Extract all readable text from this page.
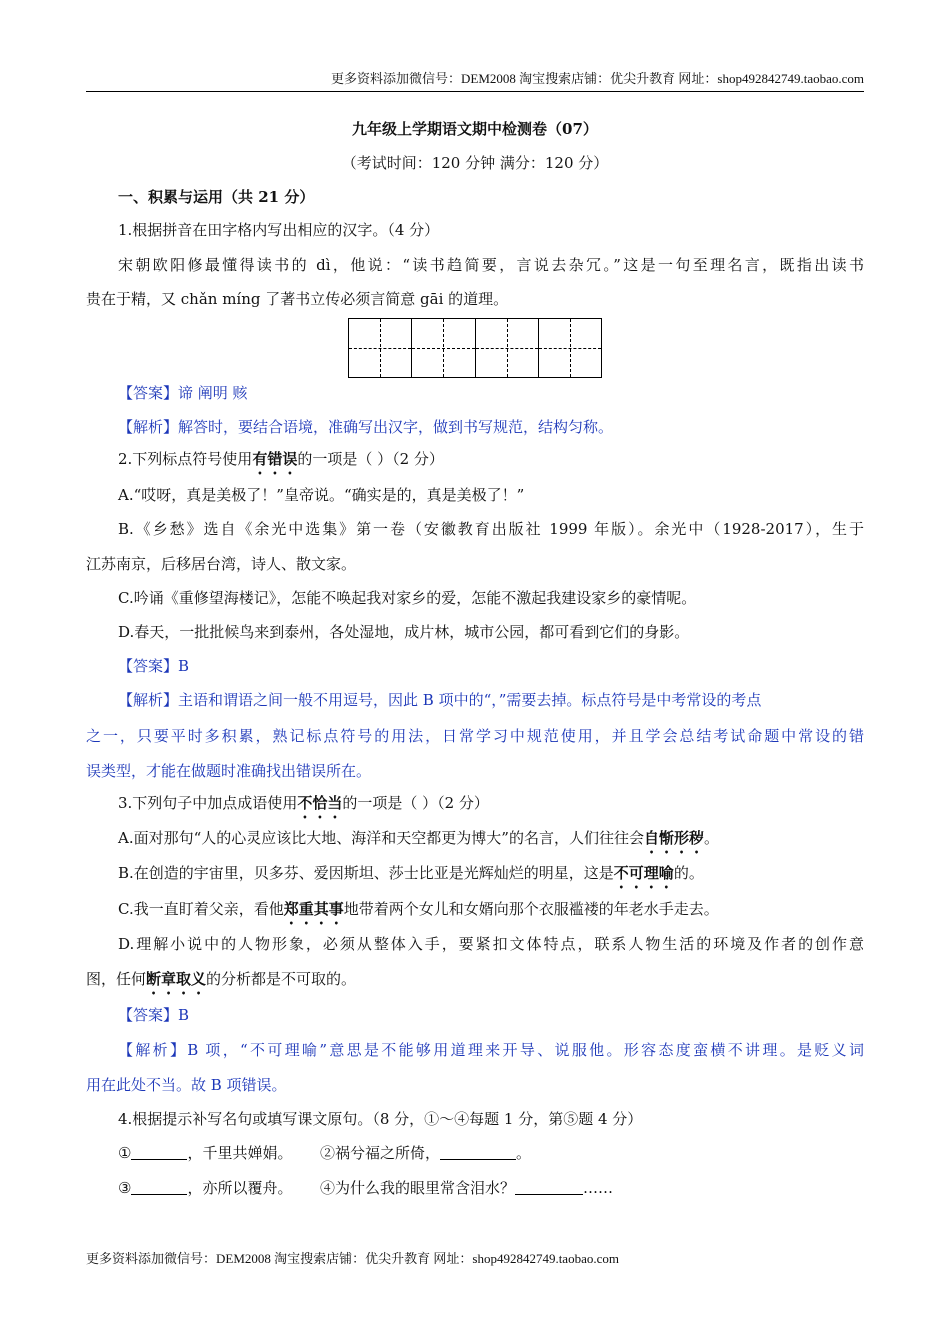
更多资料添加微信号：DEM2008 淘宝搜索店铺：优尖升教育 网址：shop492842749.taobao.com
九年级上学期语文期中检测卷（07）
（考试时间：120 分钟 满分：120 分）
一、积累与运用（共 21 分）
1.根据拼音在田字格内写出相应的汉字。（4 分）
宋朝欧阳修最懂得读书的 dì，他说：“读书趋简要，言说去杂冗。”这是一句至理名言，既指出读书
贵在于精，又 chǎn míng 了著书立传必须言简意 gāi 的道理。
【答案】谛 阐明 赅
【解析】解答时，要结合语境，准确写出汉字，做到书写规范，结构匀称。
2.下列标点符号使用有错误的一项是（ ）（2 分）
A.“哎呀，真是美极了！”皇帝说。“确实是的，真是美极了！”
B.《乡愁》选自《余光中选集》第一卷（安徽教育出版社 1999 年版）。余光中（1928-2017），生于
江苏南京，后移居台湾，诗人、散文家。
C.吟诵《重修望海楼记》，怎能不唤起我对家乡的爱，怎能不激起我建设家乡的豪情呢。
D.春天，一批批候鸟来到泰州，各处湿地，成片林，城市公园，都可看到它们的身影。
【答案】B
【解析】主语和谓语之间一般不用逗号，因此 B 项中的“，”需要去掉。标点符号是中考常设的考点
之一，只要平时多积累，熟记标点符号的用法，日常学习中规范使用，并且学会总结考试命题中常设的错
误类型，才能在做题时准确找出错误所在。
3.下列句子中加点成语使用不恰当的一项是（ ）（2 分）
A.面对那句“人的心灵应该比大地、海洋和天空都更为博大”的名言，人们往往会自惭形秽。
B.在创造的宇宙里，贝多芬、爱因斯坦、莎士比亚是光辉灿烂的明星，这是不可理喻的。
C.我一直盯着父亲，看他郑重其事地带着两个女儿和女婿向那个衣服褴褛的年老水手走去。
D.理解小说中的人物形象，必须从整体入手，要紧扣文体特点，联系人物生活的环境及作者的创作意
图，任何断章取义的分析都是不可取的。
【答案】B
【解析】B 项，“不可理喻”意思是不能够用道理来开导、说服他。形容态度蛮横不讲理。是贬义词
用在此处不当。故 B 项错误。
4.根据提示补写名句或填写课文原句。（8 分，①～④每题 1 分，第⑤题 4 分）
①	，千里共婵娟。 ②祸兮福之所倚，	。
③	，亦所以覆舟。 ④为什么我的眼里常含泪水？	……
更多资料添加微信号：DEM2008 淘宝搜索店铺：优尖升教育 网址：shop492842749.taobao.com
